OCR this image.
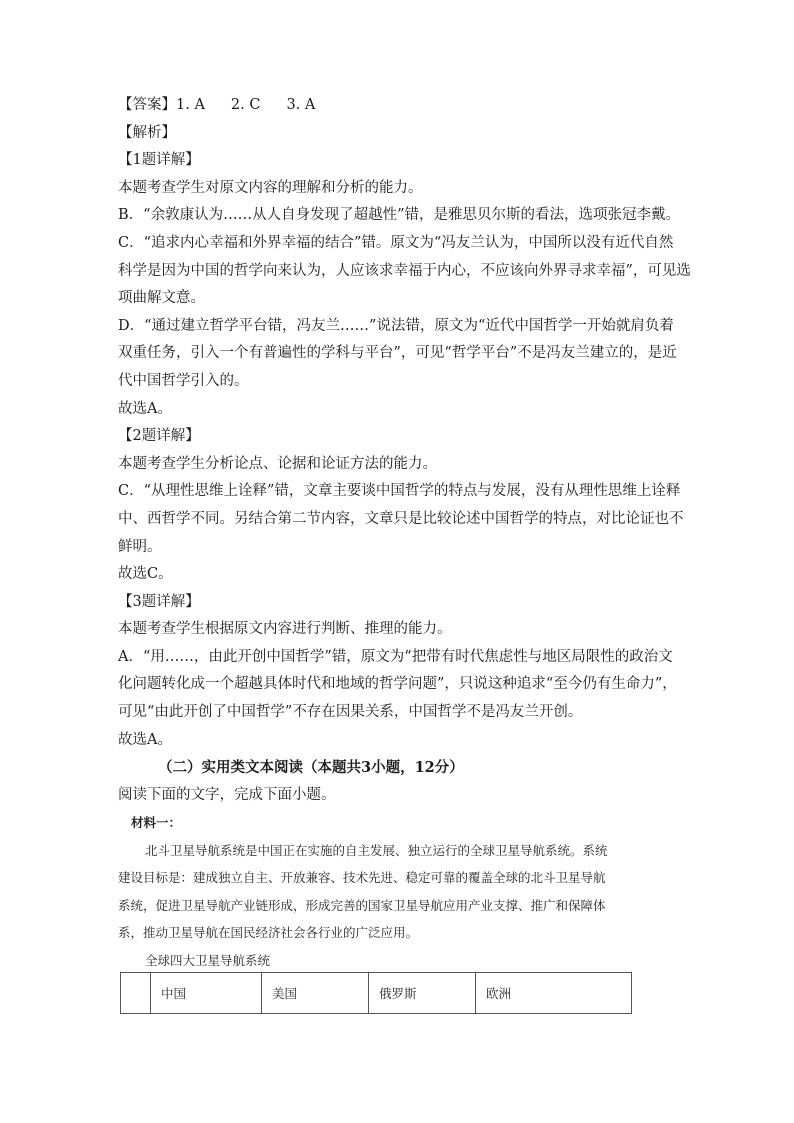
【答案】1. A 2. C 3. A

【解析】

【1题详解】

本题考查学生对原文内容的理解和分析的能力。

B．“余敦康认为……从人自身发现了超越性”错，是雅思贝尔斯的看法，选项张冠李戴。

C．“追求内心幸福和外界幸福的结合”错。原文为“冯友兰认为，中国所以没有近代自然

科学是因为中国的哲学向来认为，人应该求幸福于内心，不应该向外界寻求幸福”，可见选

项曲解文意。

D．“通过建立哲学平台错，冯友兰……”说法错，原文为“近代中国哲学一开始就肩负着

双重任务，引入一个有普遍性的学科与平台”，可见“哲学平台”不是冯友兰建立的，是近

代中国哲学引入的。

故选A。

【2题详解】

本题考查学生分析论点、论据和论证方法的能力。

C．“从理性思维上诠释”错，文章主要谈中国哲学的特点与发展，没有从理性思维上诠释

中、西哲学不同。另结合第二节内容，文章只是比较论述中国哲学的特点，对比论证也不

鲜明。

故选C。

【3题详解】

本题考查学生根据原文内容进行判断、推理的能力。

A．“用……，由此开创中国哲学”错，原文为“把带有时代焦虑性与地区局限性的政治文

化问题转化成一个超越具体时代和地域的哲学问题”，只说这种追求“至今仍有生命力”，

可见“由此开创了中国哲学”不存在因果关系，中国哲学不是冯友兰开创。

故选A。

（二）实用类文本阅读（本题共3小题，12分）

阅读下面的文字，完成下面小题。

材料一：

北斗卫星导航系统是中国正在实施的自主发展、独立运行的全球卫星导航系统。系统

建设目标是：建成独立自主、开放兼容、技术先进、稳定可靠的覆盖全球的北斗卫星导航

系统，促进卫星导航产业链形成，形成完善的国家卫星导航应用产业支撑、推广和保障体

系，推动卫星导航在国民经济社会各行业的广泛应用。

全球四大卫星导航系统

	中国	美国	俄罗斯	欧洲
